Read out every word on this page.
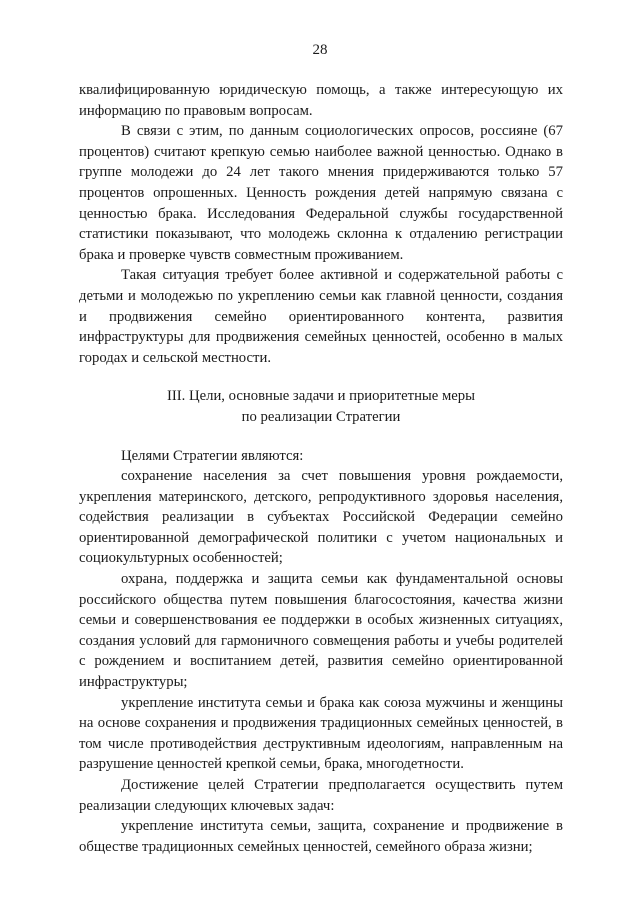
28

квалифицированную юридическую помощь, а также интересующую их информацию по правовым вопросам.

В связи с этим, по данным социологических опросов, россияне (67 процентов) считают крепкую семью наиболее важной ценностью. Однако в группе молодежи до 24 лет такого мнения придерживаются только 57 процентов опрошенных. Ценность рождения детей напрямую связана с ценностью брака. Исследования Федеральной службы государственной статистики показывают, что молодежь склонна к отдалению регистрации брака и проверке чувств совместным проживанием.

Такая ситуация требует более активной и содержательной работы с детьми и молодежью по укреплению семьи как главной ценности, создания и продвижения семейно ориентированного контента, развития инфраструктуры для продвижения семейных ценностей, особенно в малых городах и сельской местности.

III. Цели, основные задачи и приоритетные меры
по реализации Стратегии

Целями Стратегии являются:

сохранение населения за счет повышения уровня рождаемости, укрепления материнского, детского, репродуктивного здоровья населения, содействия реализации в субъектах Российской Федерации семейно ориентированной демографической политики с учетом национальных и социокультурных особенностей;

охрана, поддержка и защита семьи как фундаментальной основы российского общества путем повышения благосостояния, качества жизни семьи и совершенствования ее поддержки в особых жизненных ситуациях, создания условий для гармоничного совмещения работы и учебы родителей с рождением и воспитанием детей, развития семейно ориентированной инфраструктуры;

укрепление института семьи и брака как союза мужчины и женщины на основе сохранения и продвижения традиционных семейных ценностей, в том числе противодействия деструктивным идеологиям, направленным на разрушение ценностей крепкой семьи, брака, многодетности.

Достижение целей Стратегии предполагается осуществить путем реализации следующих ключевых задач:

укрепление института семьи, защита, сохранение и продвижение в обществе традиционных семейных ценностей, семейного образа жизни;
